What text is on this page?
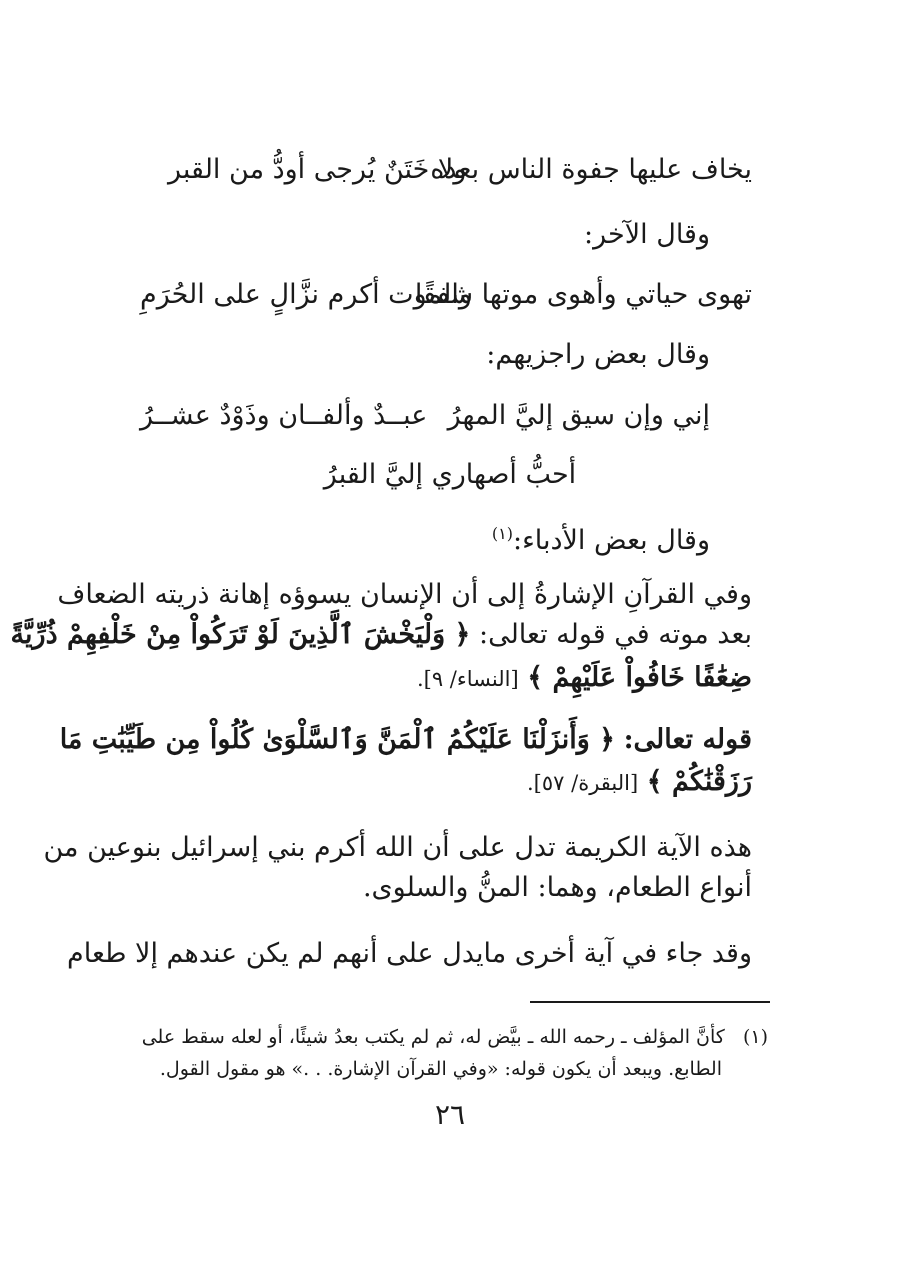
يخاف عليها جفوة الناس بعده
ولا خَتَنٌ يُرجى أودُّ من القبر
وقال الآخر:
تهوى حياتي وأهوى موتها شفقًا
والموت أكرم نزَّالٍ على الحُرَمِ
وقال بعض راجزيهم:
إني وإن سيق إليَّ المهرُ
عبــدٌ وألفــان وذَوْدٌ عشــرُ
أحبُّ أصهاري إليَّ القبرُ
وقال بعض الأدباء:$^{(١)}$
وفي القرآنِ الإشارةُ إلى أن الإنسان يسوؤه إهانة ذريته الضعاف
بعد موته في قوله تعالى: ﴿ وَلْيَخْشَ ٱلَّذِينَ لَوْ تَرَكُواْ مِنْ خَلْفِهِمْ ذُرِّيَّةً
ضِعَٰفًا خَافُواْ عَلَيْهِمْ ﴾ [النساء/ ٩].
قوله تعالى: ﴿ وَأَنزَلْنَا عَلَيْكُمُ ٱلْمَنَّ وَٱلسَّلْوَىٰ كُلُواْ مِن طَيِّبَٰتِ مَا
رَزَقْنَٰكُمْ ﴾ [البقرة/ ٥٧].
هذه الآية الكريمة تدل على أن الله أكرم بني إسرائيل بنوعين من
أنواع الطعام، وهما: المنُّ والسلوى.
وقد جاء في آية أخرى مايدل على أنهم لم يكن عندهم إلا طعام
(١)   كأنَّ المؤلف ـ رحمه الله ـ بيَّض له، ثم لم يكتب بعدُ شيئًا، أو لعله سقط على
الطابع. ويبعد أن يكون قوله: «وفي القرآن الإشارة. . .» هو مقول القول.
٢٦
